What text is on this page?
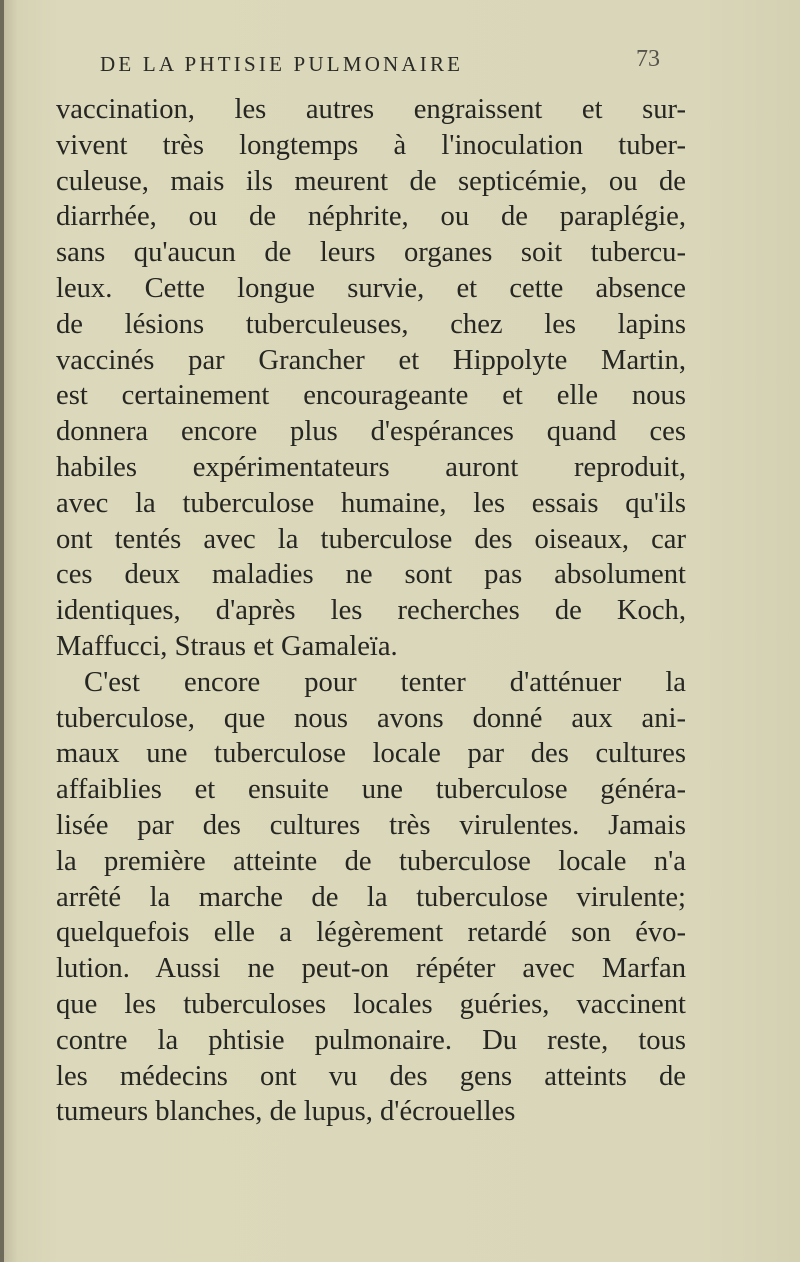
DE LA PHTISIE PULMONAIRE	73
vaccination, les autres engraissent et sur-
vivent très longtemps à l'inoculation tuber-
culeuse, mais ils meurent de septicémie, ou de
diarrhée, ou de néphrite, ou de paraplégie,
sans qu'aucun de leurs organes soit tubercu-
leux. Cette longue survie, et cette absence
de lésions tuberculeuses, chez les lapins
vaccinés par Grancher et Hippolyte Martin,
est certainement encourageante et elle nous
donnera encore plus d'espérances quand ces
habiles expérimentateurs auront reproduit,
avec la tuberculose humaine, les essais qu'ils
ont tentés avec la tuberculose des oiseaux, car
ces deux maladies ne sont pas absolument
identiques, d'après les recherches de Koch,
Maffucci, Straus et Gamaleïa.
C'est encore pour tenter d'atténuer la
tuberculose, que nous avons donné aux ani-
maux une tuberculose locale par des cultures
affaiblies et ensuite une tuberculose généra-
lisée par des cultures très virulentes. Jamais
la première atteinte de tuberculose locale n'a
arrêté la marche de la tuberculose virulente;
quelquefois elle a légèrement retardé son évo-
lution. Aussi ne peut-on répéter avec Marfan
que les tuberculoses locales guéries, vaccinent
contre la phtisie pulmonaire. Du reste, tous
les médecins ont vu des gens atteints de
tumeurs blanches, de lupus, d'écrouelles
